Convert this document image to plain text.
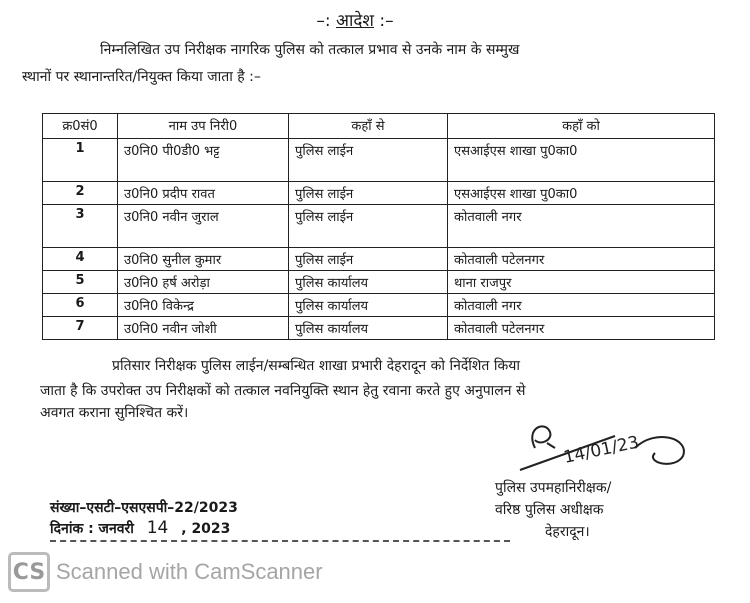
–: आदेश :–
निम्नलिखित उप निरीक्षक नागरिक पुलिस को तत्काल प्रभाव से उनके नाम के सम्मुख
स्थानों पर स्थानान्तरित/नियुक्त किया जाता है :–
क्र0सं0	नाम उप निरी0	कहाँ से	कहाँ को
1	उ0नि0 पी0डी0 भट्ट	पुलिस लाईन	एसआईएस शाखा पु0का0
2	उ0नि0 प्रदीप रावत	पुलिस लाईन	एसआईएस शाखा पु0का0
3	उ0नि0 नवीन जुराल	पुलिस लाईन	कोतवाली नगर
4	उ0नि0 सुनील कुमार	पुलिस लाईन	कोतवाली पटेलनगर
5	उ0नि0 हर्ष अरोड़ा	पुलिस कार्यालय	थाना राजपुर
6	उ0नि0 विकेन्द्र	पुलिस कार्यालय	कोतवाली नगर
7	उ0नि0 नवीन जोशी	पुलिस कार्यालय	कोतवाली पटेलनगर
प्रतिसार निरीक्षक पुलिस लाईन/सम्बन्धित शाखा प्रभारी देहरादून को निर्देशित किया
जाता है कि उपरोक्त उप निरीक्षकों को तत्काल नवनियुक्ति स्थान हेतु रवाना करते हुए अनुपालन से
अवगत कराना सुनिश्चित करें।
14/01/23
पुलिस उपमहानिरीक्षक/
वरिष्ठ पुलिस अधीक्षक
देहरादून।
संख्या–एसटी–एसएसपी–22/2023
दिनांक : जनवरी 14 , 2023
CS Scanned with CamScanner
